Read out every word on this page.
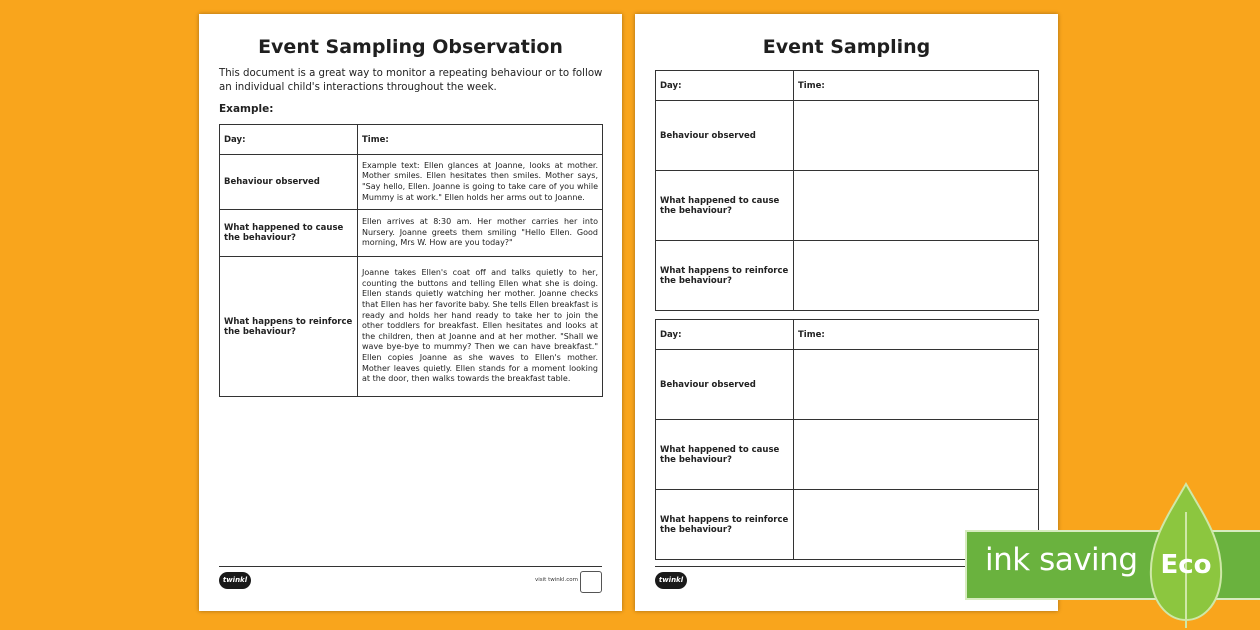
Event Sampling Observation
This document is a great way to monitor a repeating behaviour or to follow an individual child's interactions throughout the week.
Example:
Day:	Time:
Behaviour observed	Example text: Ellen glances at Joanne, looks at mother. Mother smiles. Ellen hesitates then smiles. Mother says, "Say hello, Ellen. Joanne is going to take care of you while Mummy is at work." Ellen holds her arms out to Joanne.
What happened to cause the behaviour?	Ellen arrives at 8:30 am. Her mother carries her into Nursery. Joanne greets them smiling "Hello Ellen. Good morning, Mrs W. How are you today?"
What happens to reinforce the behaviour?	Joanne takes Ellen's coat off and talks quietly to her, counting the buttons and telling Ellen what she is doing. Ellen stands quietly watching her mother. Joanne checks that Ellen has her favorite baby. She tells Ellen breakfast is ready and holds her hand ready to take her to join the other toddlers for breakfast. Ellen hesitates and looks at the children, then at Joanne and at her mother. "Shall we wave bye-bye to mummy? Then we can have breakfast." Ellen copies Joanne as she waves to Ellen's mother. Mother leaves quietly. Ellen stands for a moment looking at the door, then walks towards the breakfast table.
twinkl	visit twinkl.com
Event Sampling
Day:	Time:
Behaviour observed	
What happened to cause the behaviour?	
What happens to reinforce the behaviour?	
Day:	Time:
Behaviour observed	
What happened to cause the behaviour?	
What happens to reinforce the behaviour?	
twinkl
ink saving Eco
